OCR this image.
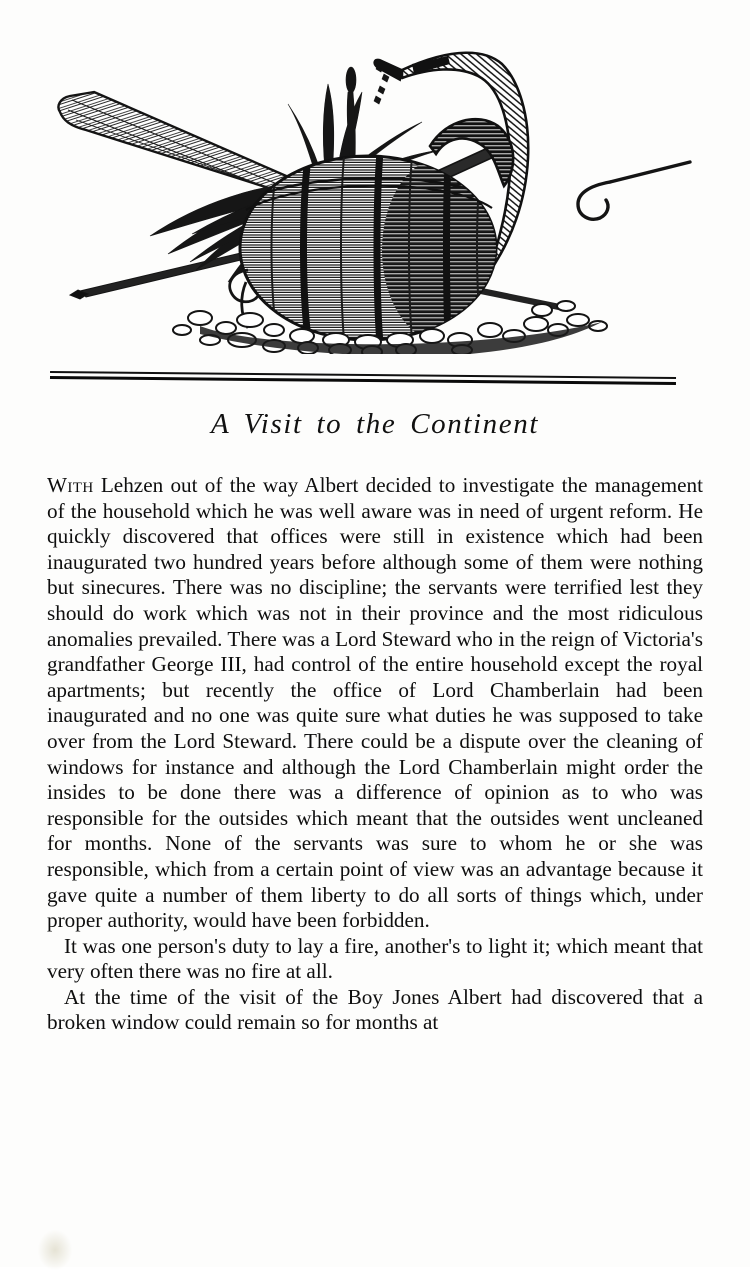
A Visit to the Continent

With Lehzen out of the way Albert decided to investigate the management of the household which he was well aware was in need of urgent reform. He quickly discovered that offices were still in existence which had been inaugurated two hundred years before although some of them were nothing but sinecures. There was no discipline; the servants were terrified lest they should do work which was not in their province and the most ridiculous anomalies prevailed. There was a Lord Steward who in the reign of Victoria's grandfather George III, had control of the entire household except the royal apartments; but recently the office of Lord Chamberlain had been inaugurated and no one was quite sure what duties he was supposed to take over from the Lord Steward. There could be a dispute over the cleaning of windows for instance and although the Lord Chamberlain might order the insides to be done there was a difference of opinion as to who was responsible for the outsides which meant that the outsides went uncleaned for months. None of the servants was sure to whom he or she was responsible, which from a certain point of view was an advantage because it gave quite a number of them liberty to do all sorts of things which, under proper authority, would have been forbidden.

It was one person's duty to lay a fire, another's to light it; which meant that very often there was no fire at all.

At the time of the visit of the Boy Jones Albert had discovered that a broken window could remain so for months at
